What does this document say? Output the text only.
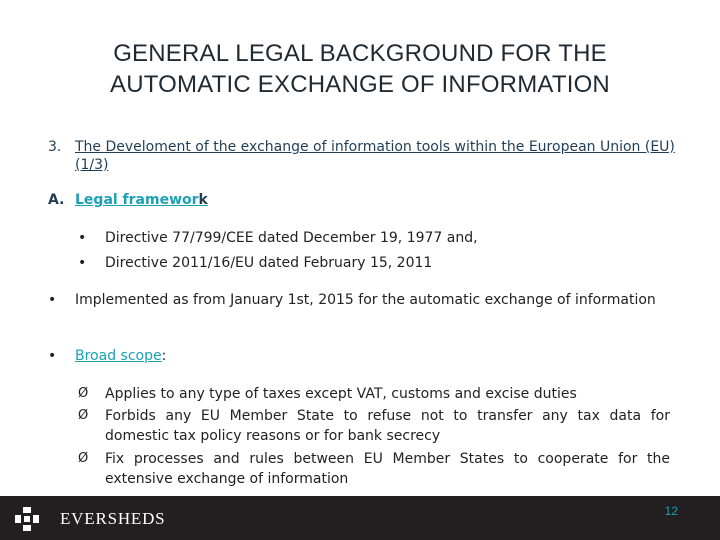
GENERAL LEGAL BACKGROUND FOR THE
AUTOMATIC EXCHANGE OF INFORMATION
3. The Develoment of the exchange of information tools within the European Union (EU) (1/3)
A. Legal framework
• Directive 77/799/CEE dated December 19, 1977 and,
• Directive 2011/16/EU dated February 15, 2011
• Implemented as from January 1st, 2015 for the automatic exchange of information
• Broad scope:
Ø Applies to any type of taxes except VAT, customs and excise duties
Ø Forbids any EU Member State to refuse not to transfer any tax data for domestic tax policy reasons or for bank secrecy
Ø Fix processes and rules between EU Member States to cooperate for the extensive exchange of information
EVERSHEDS	12
